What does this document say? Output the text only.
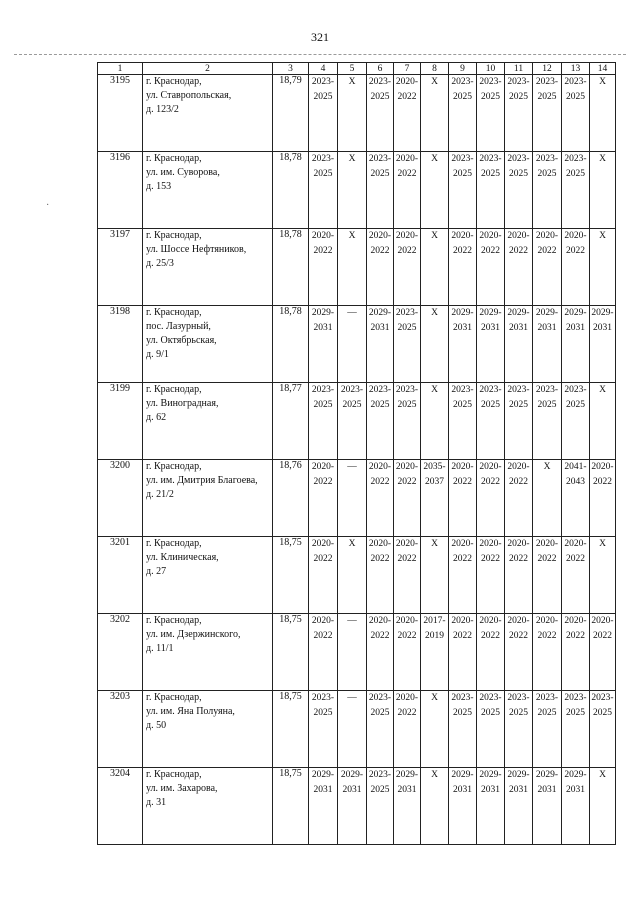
321
·
1	2	3	4	5	6	7	8	9	10	11	12	13	14
3195	г. Краснодар,
ул. Ставропольская,
д. 123/2	18,79	2023-
2025	X	2023-
2025	2020-
2022	X	2023-
2025	2023-
2025	2023-
2025	2023-
2025	2023-
2025	X

3196	г. Краснодар,
ул. им. Суворова,
д. 153	18,78	2023-
2025	X	2023-
2025	2020-
2022	X	2023-
2025	2023-
2025	2023-
2025	2023-
2025	2023-
2025	X

3197	г. Краснодар,
ул. Шоссе Нефтяников,
д. 25/3	18,78	2020-
2022	X	2020-
2022	2020-
2022	X	2020-
2022	2020-
2022	2020-
2022	2020-
2022	2020-
2022	X

3198	г. Краснодар,
пос. Лазурный,
ул. Октябрьская,
д. 9/1	18,78	2029-
2031	—	2029-
2031	2023-
2025	X	2029-
2031	2029-
2031	2029-
2031	2029-
2031	2029-
2031	2029-
2031

3199	г. Краснодар,
ул. Виноградная,
д. 62	18,77	2023-
2025	2023-
2025	2023-
2025	2023-
2025	X	2023-
2025	2023-
2025	2023-
2025	2023-
2025	2023-
2025	X

3200	г. Краснодар,
ул. им. Дмитрия Благоева,
д. 21/2	18,76	2020-
2022	—	2020-
2022	2020-
2022	2035-
2037	2020-
2022	2020-
2022	2020-
2022	X	2041-
2043	2020-
2022

3201	г. Краснодар,
ул. Клиническая,
д. 27	18,75	2020-
2022	X	2020-
2022	2020-
2022	X	2020-
2022	2020-
2022	2020-
2022	2020-
2022	2020-
2022	X

3202	г. Краснодар,
ул. им. Дзержинского,
д. 11/1	18,75	2020-
2022	—	2020-
2022	2020-
2022	2017-
2019	2020-
2022	2020-
2022	2020-
2022	2020-
2022	2020-
2022	2020-
2022

3203	г. Краснодар,
ул. им. Яна Полуяна,
д. 50	18,75	2023-
2025	—	2023-
2025	2020-
2022	X	2023-
2025	2023-
2025	2023-
2025	2023-
2025	2023-
2025	2023-
2025

3204	г. Краснодар,
ул. им. Захарова,
д. 31	18,75	2029-
2031	2029-
2031	2023-
2025	2029-
2031	X	2029-
2031	2029-
2031	2029-
2031	2029-
2031	2029-
2031	X
